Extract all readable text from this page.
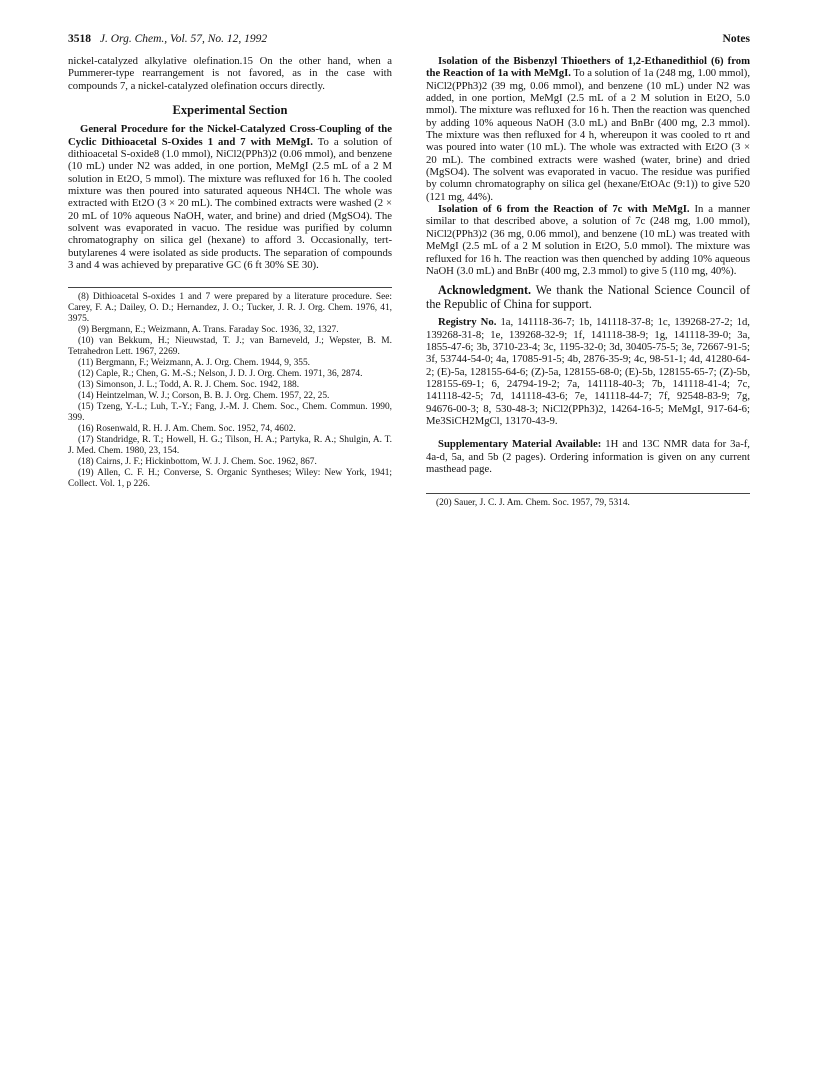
3518 J. Org. Chem., Vol. 57, No. 12, 1992	Notes

nickel-catalyzed alkylative olefination.15 On the other hand, when a Pummerer-type rearrangement is not favored, as in the case with compounds 7, a nickel-catalyzed olefination occurs directly.

Experimental Section

General Procedure for the Nickel-Catalyzed Cross-Coupling of the Cyclic Dithioacetal S-Oxides 1 and 7 with MeMgI. To a solution of dithioacetal S-oxide8 (1.0 mmol), NiCl2(PPh3)2 (0.06 mmol), and benzene (10 mL) under N2 was added, in one portion, MeMgI (2.5 mL of a 2 M solution in Et2O, 5 mmol). The mixture was refluxed for 16 h. The cooled mixture was then poured into saturated aqueous NH4Cl. The whole was extracted with Et2O (3 × 20 mL). The combined extracts were washed (2 × 20 mL of 10% aqueous NaOH, water, and brine) and dried (MgSO4). The solvent was evaporated in vacuo. The residue was purified by column chromatography on silica gel (hexane) to afford 3. Occasionally, tert-butylarenes 4 were isolated as side products. The separation of compounds 3 and 4 was achieved by preparative GC (6 ft 30% SE 30).

(8) Dithioacetal S-oxides 1 and 7 were prepared by a literature procedure. See: Carey, F. A.; Dailey, O. D.; Hernandez, J. O.; Tucker, J. R. J. Org. Chem. 1976, 41, 3975.

(9) Bergmann, E.; Weizmann, A. Trans. Faraday Soc. 1936, 32, 1327.

(10) van Bekkum, H.; Nieuwstad, T. J.; van Barneveld, J.; Wepster, B. M. Tetrahedron Lett. 1967, 2269.

(11) Bergmann, F.; Weizmann, A. J. Org. Chem. 1944, 9, 355.

(12) Caple, R.; Chen, G. M.-S.; Nelson, J. D. J. Org. Chem. 1971, 36, 2874.

(13) Simonson, J. L.; Todd, A. R. J. Chem. Soc. 1942, 188.

(14) Heintzelman, W. J.; Corson, B. B. J. Org. Chem. 1957, 22, 25.

(15) Tzeng, Y.-L.; Luh, T.-Y.; Fang, J.-M. J. Chem. Soc., Chem. Commun. 1990, 399.

(16) Rosenwald, R. H. J. Am. Chem. Soc. 1952, 74, 4602.

(17) Standridge, R. T.; Howell, H. G.; Tilson, H. A.; Partyka, R. A.; Shulgin, A. T. J. Med. Chem. 1980, 23, 154.

(18) Cairns, J. F.; Hickinbottom, W. J. J. Chem. Soc. 1962, 867.

(19) Allen, C. F. H.; Converse, S. Organic Syntheses; Wiley: New York, 1941; Collect. Vol. 1, p 226.

Isolation of the Bisbenzyl Thioethers of 1,2-Ethanedithiol (6) from the Reaction of 1a with MeMgI. To a solution of 1a (248 mg, 1.00 mmol), NiCl2(PPh3)2 (39 mg, 0.06 mmol), and benzene (10 mL) under N2 was added, in one portion, MeMgI (2.5 mL of a 2 M solution in Et2O, 5.0 mmol). The mixture was refluxed for 16 h. Then the reaction was quenched by adding 10% aqueous NaOH (3.0 mL) and BnBr (400 mg, 2.3 mmol). The mixture was then refluxed for 4 h, whereupon it was cooled to rt and was poured into water (10 mL). The whole was extracted with Et2O (3 × 20 mL). The combined extracts were washed (water, brine) and dried (MgSO4). The solvent was evaporated in vacuo. The residue was purified by column chromatography on silica gel (hexane/EtOAc (9:1)) to give 520 (121 mg, 44%).

Isolation of 6 from the Reaction of 7c with MeMgI. In a manner similar to that described above, a solution of 7c (248 mg, 1.00 mmol), NiCl2(PPh3)2 (36 mg, 0.06 mmol), and benzene (10 mL) was treated with MeMgI (2.5 mL of a 2 M solution in Et2O, 5.0 mmol). The mixture was refluxed for 16 h. The reaction was then quenched by adding 10% aqueous NaOH (3.0 mL) and BnBr (400 mg, 2.3 mmol) to give 5 (110 mg, 40%).

Acknowledgment. We thank the National Science Council of the Republic of China for support.

Registry No. 1a, 141118-36-7; 1b, 141118-37-8; 1c, 139268-27-2; 1d, 139268-31-8; 1e, 139268-32-9; 1f, 141118-38-9; 1g, 141118-39-0; 3a, 1855-47-6; 3b, 3710-23-4; 3c, 1195-32-0; 3d, 30405-75-5; 3e, 72667-91-5; 3f, 53744-54-0; 4a, 17085-91-5; 4b, 2876-35-9; 4c, 98-51-1; 4d, 41280-64-2; (E)-5a, 128155-64-6; (Z)-5a, 128155-68-0; (E)-5b, 128155-65-7; (Z)-5b, 128155-69-1; 6, 24794-19-2; 7a, 141118-40-3; 7b, 141118-41-4; 7c, 141118-42-5; 7d, 141118-43-6; 7e, 141118-44-7; 7f, 92548-83-9; 7g, 94676-00-3; 8, 530-48-3; NiCl2(PPh3)2, 14264-16-5; MeMgI, 917-64-6; Me3SiCH2MgCl, 13170-43-9.

Supplementary Material Available: 1H and 13C NMR data for 3a-f, 4a-d, 5a, and 5b (2 pages). Ordering information is given on any current masthead page.

(20) Sauer, J. C. J. Am. Chem. Soc. 1957, 79, 5314.
